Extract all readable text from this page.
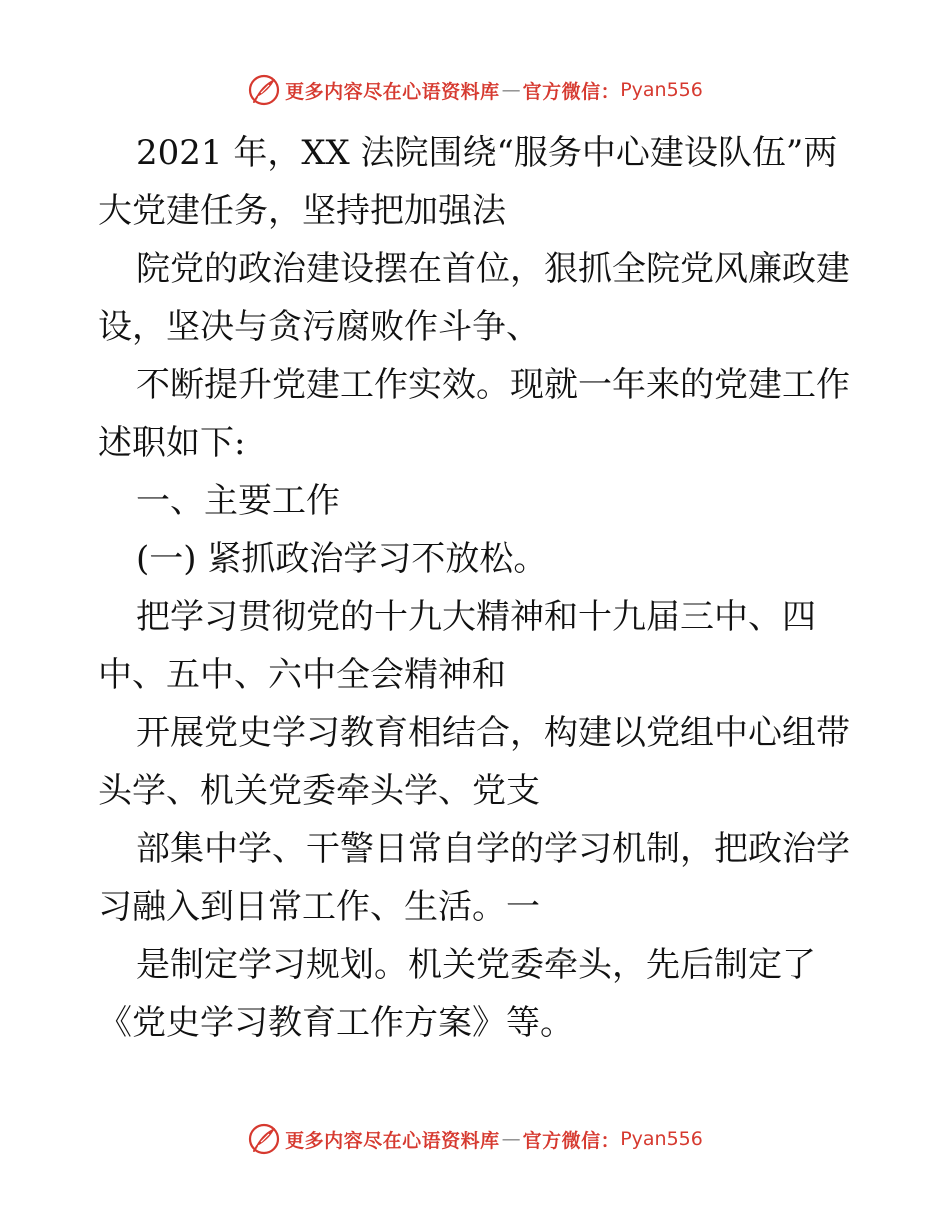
更多内容尽在心语资料库 — 官方微信： Pyan556
2021 年，XX 法院围绕“服务中心建设队伍”两
大党建任务，坚持把加强法
院党的政治建设摆在首位，狠抓全院党风廉政建
设，坚决与贪污腐败作斗争、
不断提升党建工作实效。现就一年来的党建工作
述职如下:
一、主要工作
(一) 紧抓政治学习不放松。
把学习贯彻党的十九大精神和十九届三中、四
中、五中、六中全会精神和
开展党史学习教育相结合，构建以党组中心组带
头学、机关党委牵头学、党支
部集中学、干警日常自学的学习机制，把政治学
习融入到日常工作、生活。一
是制定学习规划。机关党委牵头，先后制定了
《党史学习教育工作方案》等。
更多内容尽在心语资料库 — 官方微信： Pyan556
